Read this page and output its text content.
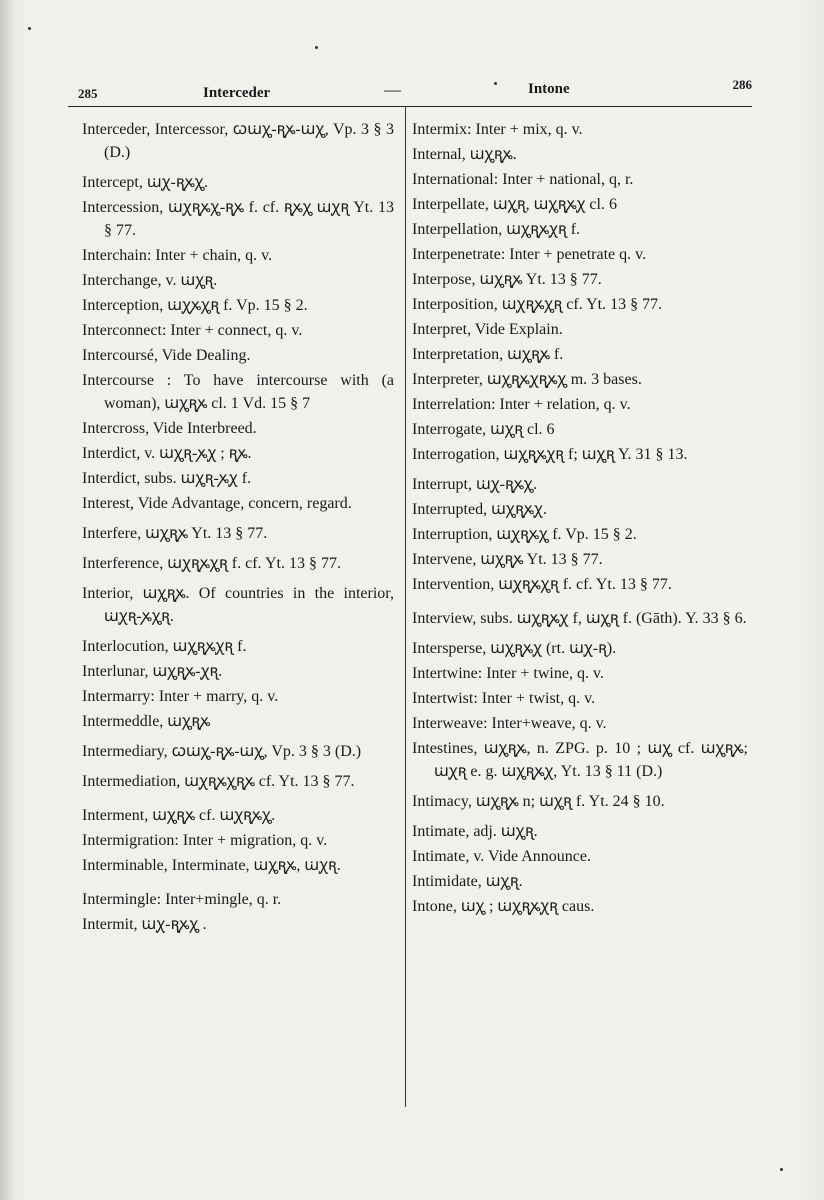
285	Interceder	—	Intone	286
Interceder, Intercessor, ꞷꭐꭔ-ꭆꭘ-ꭐꭔ, Vp. 3 § 3 (D.)
Intercept, ꭐꭕ-ꭆꭘꭔ.
Intercession, ꭐꭕꭆꭘꭔ-ꭆꭘ f. cf. ꭆꭘꭔ ꭐꭕꭆ Yt. 13 § 77.
Interchain: Inter + chain, q. v.
Interchange, v. ꭐꭔꭆ.
Interception, ꭐꭕꭘꭔꭆ f. Vp. 15 § 2.
Interconnect: Inter + connect, q. v.
Intercoursé, Vide Dealing.
Intercourse : To have intercourse with (a woman), ꭐꭔꭆꭘ cl. 1 Vd. 15 § 7
Intercross, Vide Interbreed.
Interdict, v. ꭐꭔꭆ-ꭘꭕ ; ꭆꭘ.
Interdict, subs. ꭐꭔꭆ-ꭘꭕ f.
Interest, Vide Advantage, concern, regard.
Interfere, ꭐꭔꭆꭘ Yt. 13 § 77.
Interference, ꭐꭕꭆꭘꭔꭆ f. cf. Yt. 13 § 77.
Interior, ꭐꭔꭆꭘ. Of countries in the interior, ꭐꭕꭆ-ꭘꭔꭆ.
Interlocution, ꭐꭔꭆꭘꭕꭆ f.
Interlunar, ꭐꭔꭆꭘ-ꭕꭆ.
Intermarry: Inter + marry, q. v.
Intermeddle, ꭐꭔꭆꭘ
Intermediary, ꞷꭐꭔ-ꭆꭘ-ꭐꭔ, Vp. 3 § 3 (D.)
Intermediation, ꭐꭕꭆꭘꭔꭆꭘ cf. Yt. 13 § 77.
Interment, ꭐꭔꭆꭘ cf. ꭐꭕꭆꭘꭔ.
Intermigration: Inter + migration, q. v.
Interminable, Interminate, ꭐꭔꭆꭘ, ꭐꭕꭆ.
Intermingle: Inter+mingle, q. r.
Intermit, ꭐꭕ-ꭆꭘꭔ .
Intermix: Inter + mix, q. v.
Internal, ꭐꭔꭆꭘ.
International: Inter + national, q, r.
Interpellate, ꭐꭔꭆ, ꭐꭔꭆꭘꭕ cl. 6
Interpellation, ꭐꭔꭆꭘꭕꭆ f.
Interpenetrate: Inter + penetrate q. v.
Interpose, ꭐꭔꭆꭘ Yt. 13 § 77.
Interposition, ꭐꭕꭆꭘꭔꭆ cf. Yt. 13 § 77.
Interpret, Vide Explain.
Interpretation, ꭐꭔꭆꭘ f.
Interpreter, ꭐꭔꭆꭘꭕꭆꭘꭔ m. 3 bases.
Interrelation: Inter + relation, q. v.
Interrogate, ꭐꭔꭆ cl. 6
Interrogation, ꭐꭔꭆꭘꭕꭆ f; ꭐꭔꭆ Y. 31 § 13.
Interrupt, ꭐꭕ-ꭆꭘꭔ.
Interrupted, ꭐꭔꭆꭘꭕ.
Interruption, ꭐꭕꭆꭘꭔ f. Vp. 15 § 2.
Intervene, ꭐꭔꭆꭘ Yt. 13 § 77.
Intervention, ꭐꭕꭆꭘꭔꭆ f. cf. Yt. 13 § 77.
Interview, subs. ꭐꭔꭆꭘꭕ f, ꭐꭔꭆ f. (Gāth). Y. 33 § 6.
Intersperse, ꭐꭔꭆꭘꭕ (rt. ꭐꭕ-ꭆ).
Intertwine: Inter + twine, q. v.
Intertwist: Inter + twist, q. v.
Interweave: Inter+weave, q. v.
Intestines, ꭐꭔꭆꭘ, n. ZPG. p. 10 ; ꭐꭔ cf. ꭐꭔꭆꭘ; ꭐꭕꭆ e. g. ꭐꭔꭆꭘꭕ, Yt. 13 § 11 (D.)
Intimacy, ꭐꭔꭆꭘ n; ꭐꭔꭆ f. Yt. 24 § 10.
Intimate, adj. ꭐꭔꭆ.
Intimate, v. Vide Announce.
Intimidate, ꭐꭔꭆ.
Intone, ꭐꭔ ; ꭐꭔꭆꭘꭕꭆ caus.
